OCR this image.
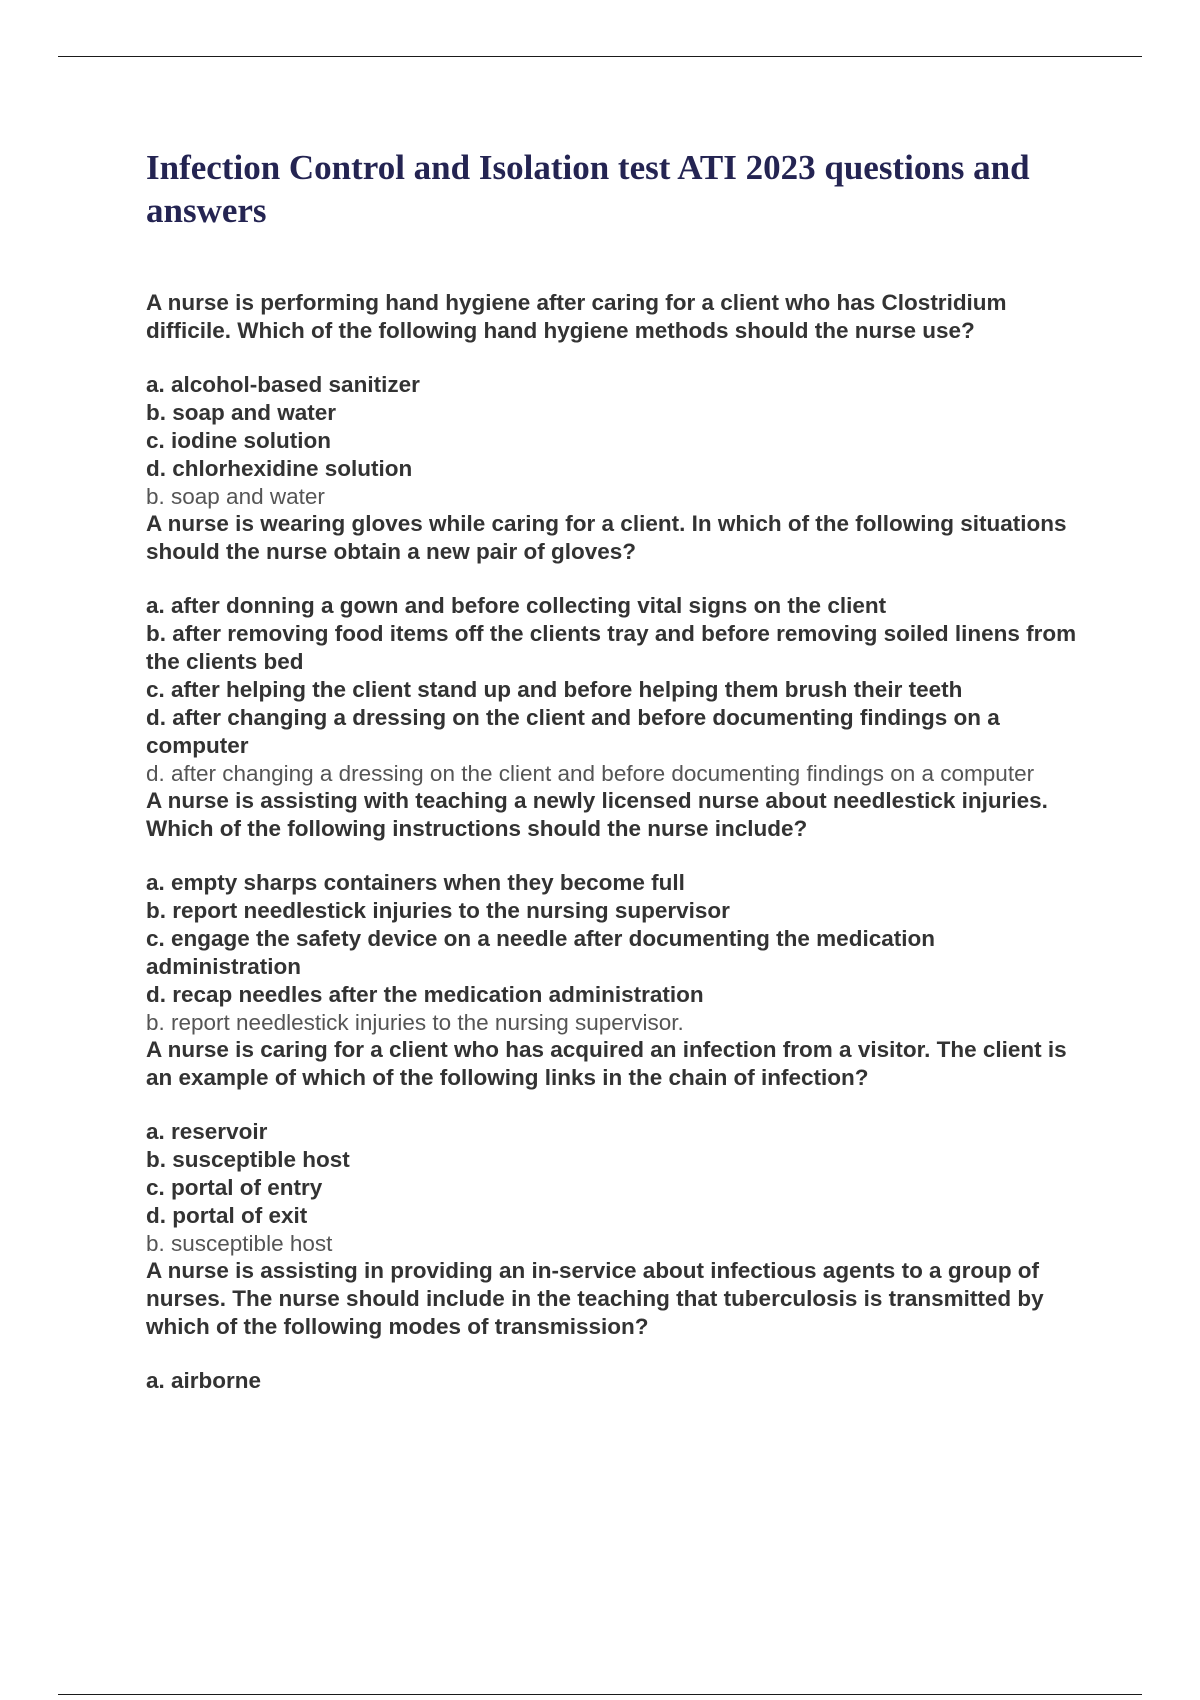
Infection Control and Isolation test ATI 2023 questions and answers

A nurse is performing hand hygiene after caring for a client who has Clostridium difficile. Which of the following hand hygiene methods should the nurse use?

a. alcohol-based sanitizer
b. soap and water
c. iodine solution
d. chlorhexidine solution

b. soap and water

A nurse is wearing gloves while caring for a client. In which of the following situations should the nurse obtain a new pair of gloves?

a. after donning a gown and before collecting vital signs on the client
b. after removing food items off the clients tray and before removing soiled linens from the clients bed
c. after helping the client stand up and before helping them brush their teeth
d. after changing a dressing on the client and before documenting findings on a computer

d. after changing a dressing on the client and before documenting findings on a computer

A nurse is assisting with teaching a newly licensed nurse about needlestick injuries. Which of the following instructions should the nurse include?

a. empty sharps containers when they become full
b. report needlestick injuries to the nursing supervisor
c. engage the safety device on a needle after documenting the medication administration
d. recap needles after the medication administration

b. report needlestick injuries to the nursing supervisor.

A nurse is caring for a client who has acquired an infection from a visitor. The client is an example of which of the following links in the chain of infection?

a. reservoir
b. susceptible host
c. portal of entry
d. portal of exit

b. susceptible host

A nurse is assisting in providing an in-service about infectious agents to a group of nurses. The nurse should include in the teaching that tuberculosis is transmitted by which of the following modes of transmission?

a. airborne
